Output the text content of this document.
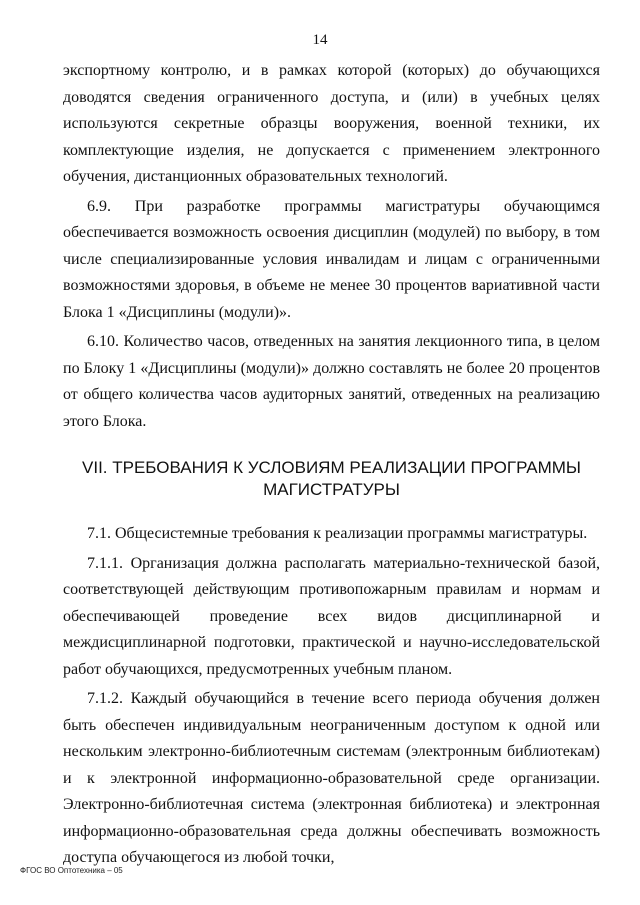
14

экспортному контролю, и в рамках которой (которых) до обучающихся доводятся сведения ограниченного доступа, и (или) в учебных целях используются секретные образцы вооружения, военной техники, их комплектующие изделия, не допускается с применением электронного обучения, дистанционных образовательных технологий.

6.9. При разработке программы магистратуры обучающимся обеспечивается возможность освоения дисциплин (модулей) по выбору, в том числе специализированные условия инвалидам и лицам с ограниченными возможностями здоровья, в объеме не менее 30 процентов вариативной части Блока 1 «Дисциплины (модули)».

6.10. Количество часов, отведенных на занятия лекционного типа, в целом по Блоку 1 «Дисциплины (модули)» должно составлять не более 20 процентов от общего количества часов аудиторных занятий, отведенных на реализацию этого Блока.

VII. ТРЕБОВАНИЯ К УСЛОВИЯМ РЕАЛИЗАЦИИ ПРОГРАММЫ МАГИСТРАТУРЫ

7.1. Общесистемные требования к реализации программы магистратуры.

7.1.1. Организация должна располагать материально-технической базой, соответствующей действующим противопожарным правилам и нормам и обеспечивающей проведение всех видов дисциплинарной и междисциплинарной подготовки, практической и научно-исследовательской работ обучающихся, предусмотренных учебным планом.

7.1.2. Каждый обучающийся в течение всего периода обучения должен быть обеспечен индивидуальным неограниченным доступом к одной или нескольким электронно-библиотечным системам (электронным библиотекам) и к электронной информационно-образовательной среде организации. Электронно-библиотечная система (электронная библиотека) и электронная информационно-образовательная среда должны обеспечивать возможность доступа обучающегося из любой точки,

ФГОС ВО Оптотехника – 05
